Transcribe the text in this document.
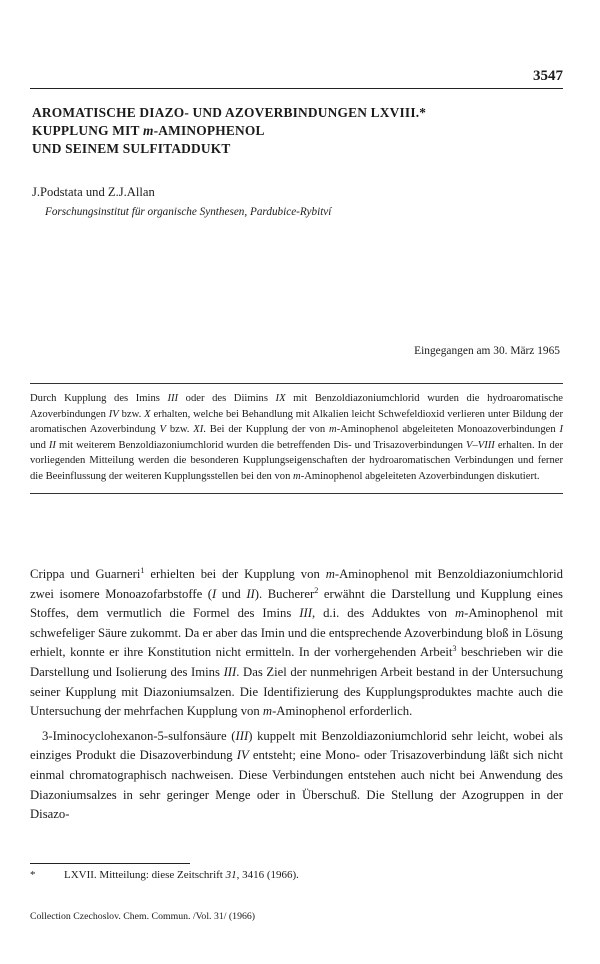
3547
AROMATISCHE DIAZO- UND AZOVERBINDUNGEN LXVIII.*
KUPPLUNG MIT m-AMINOPHENOL
UND SEINEM SULFITADDUKT
J.Podstata und Z.J.Allan
Forschungsinstitut für organische Synthesen, Pardubice-Rybitví
Eingegangen am 30. März 1965
Durch Kupplung des Imins III oder des Diimins IX mit Benzoldiazoniumchlorid wurden die hydroaromatische Azoverbindungen IV bzw. X erhalten, welche bei Behandlung mit Alkalien leicht Schwefeldioxid verlieren unter Bildung der aromatischen Azoverbindung V bzw. XI. Bei der Kupplung der von m-Aminophenol abgeleiteten Monoazoverbindungen I und II mit weiterem Benzoldiazoniumchlorid wurden die betreffenden Dis- und Trisazoverbindungen V–VIII erhalten. In der vorliegenden Mitteilung werden die besonderen Kupplungseigenschaften der hydroaromatischen Verbindungen und ferner die Beeinflussung der weiteren Kupplungsstellen bei den von m-Aminophenol abgeleiteten Azoverbindungen diskutiert.

Crippa und Guarneri$^1$ erhielten bei der Kupplung von m-Aminophenol mit Benzoldiazoniumchlorid zwei isomere Monoazofarbstoffe (I und II). Bucherer$^2$ erwähnt die Darstellung und Kupplung eines Stoffes, dem vermutlich die Formel des Imins III, d.i. des Adduktes von m-Aminophenol mit schwefeliger Säure zukommt. Da er aber das Imin und die entsprechende Azoverbindung bloß in Lösung erhielt, konnte er ihre Konstitution nicht ermitteln. In der vorhergehenden Arbeit$^3$ beschrieben wir die Darstellung und Isolierung des Imins III. Das Ziel der nunmehrigen Arbeit bestand in der Untersuchung seiner Kupplung mit Diazoniumsalzen. Die Identifizierung des Kupplungsproduktes machte auch die Untersuchung der mehrfachen Kupplung von m-Aminophenol erforderlich.

3-Iminocyclohexanon-5-sulfonsäure (III) kuppelt mit Benzoldiazoniumchlorid sehr leicht, wobei als einziges Produkt die Disazoverbindung IV entsteht; eine Mono- oder Trisazoverbindung läßt sich nicht einmal chromatographisch nachweisen. Diese Verbindungen entstehen auch nicht bei Anwendung des Diazoniumsalzes in sehr geringer Menge oder in Überschuß. Die Stellung der Azogruppen in der Disazo-

*	LXVII. Mitteilung: diese Zeitschrift 31, 3416 (1966).
Collection Czechoslov. Chem. Commun. /Vol. 31/ (1966)
